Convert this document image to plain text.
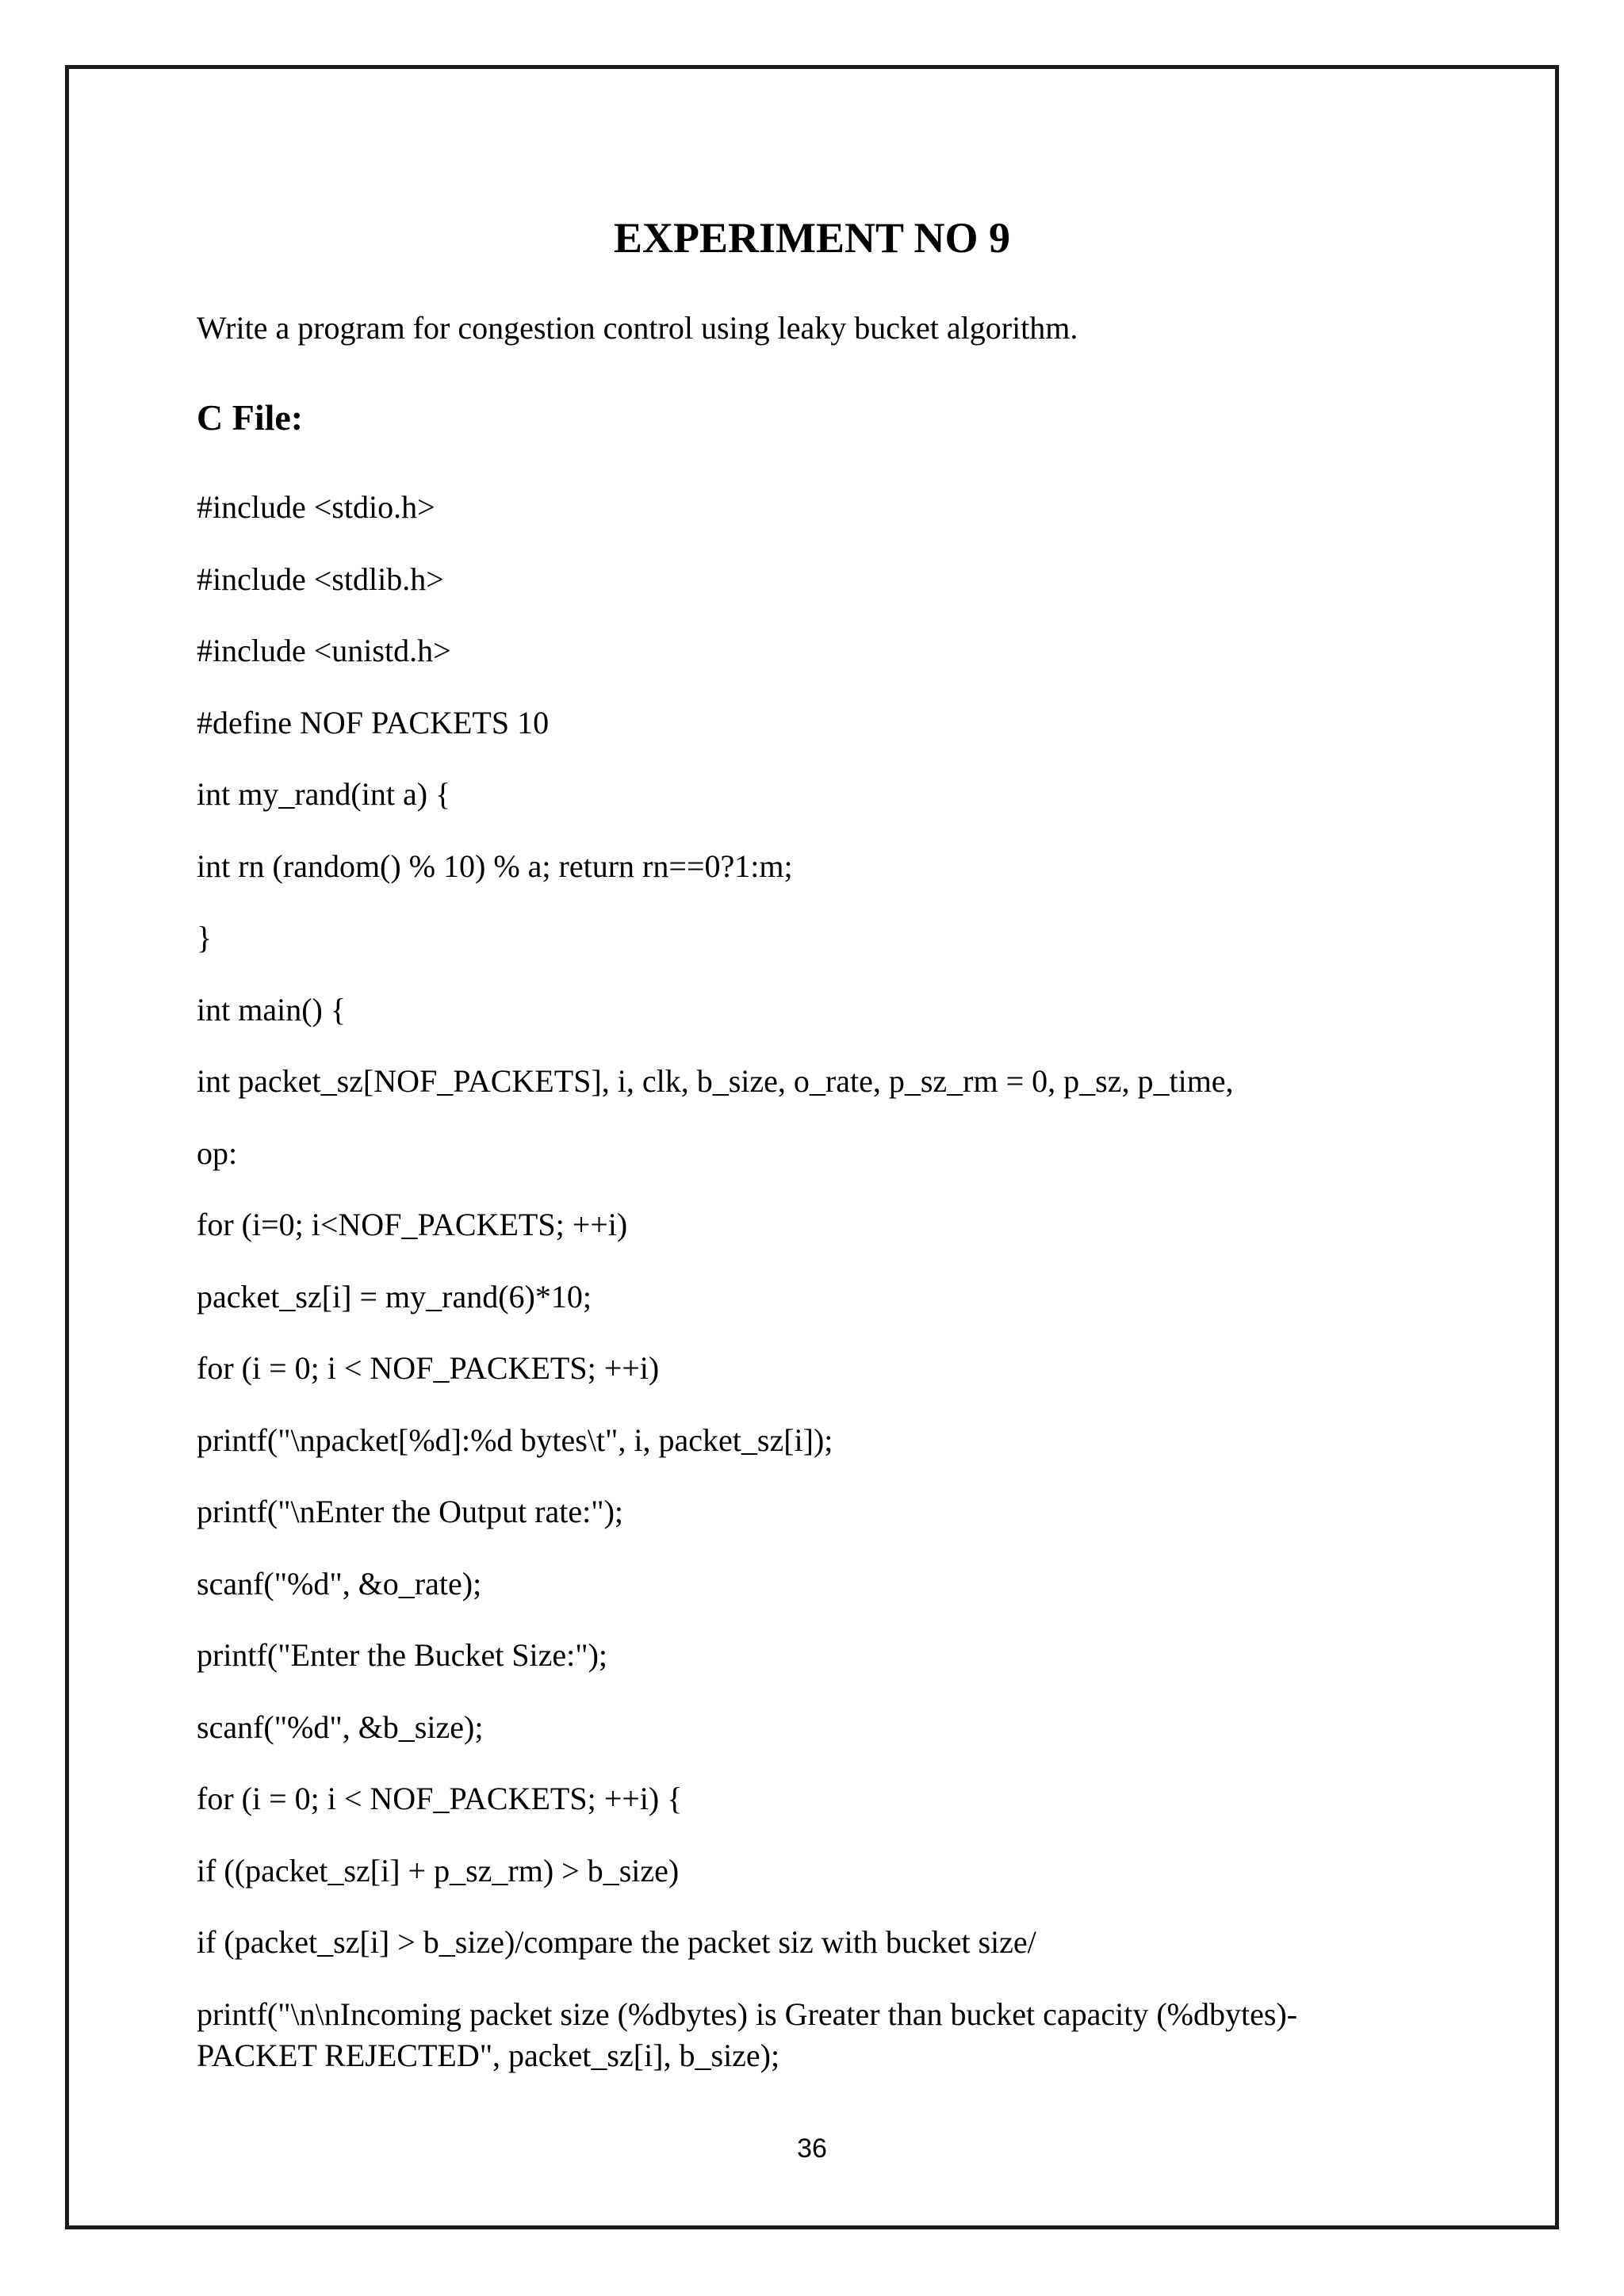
EXPERIMENT NO 9

Write a program for congestion control using leaky bucket algorithm.

C File:
#include <stdio.h>
#include <stdlib.h>
#include <unistd.h>
#define NOF PACKETS 10
int my_rand(int a) {
int rn (random() % 10) % a; return rn==0?1:m;
}
int main() {
int packet_sz[NOF_PACKETS], i, clk, b_size, o_rate, p_sz_rm = 0, p_sz, p_time,
op:
for (i=0; i<NOF_PACKETS; ++i)
packet_sz[i] = my_rand(6)*10;
for (i = 0; i < NOF_PACKETS; ++i)
printf("\npacket[%d]:%d bytes\t", i, packet_sz[i]);
printf("\nEnter the Output rate:");
scanf("%d", &o_rate);
printf("Enter the Bucket Size:");
scanf("%d", &b_size);
for (i = 0; i < NOF_PACKETS; ++i) {
if ((packet_sz[i] + p_sz_rm) > b_size)
if (packet_sz[i] > b_size)/compare the packet siz with bucket size/
printf("\n\nIncoming packet size (%dbytes) is Greater than bucket capacity (%dbytes)-PACKET REJECTED", packet_sz[i], b_size);
36
